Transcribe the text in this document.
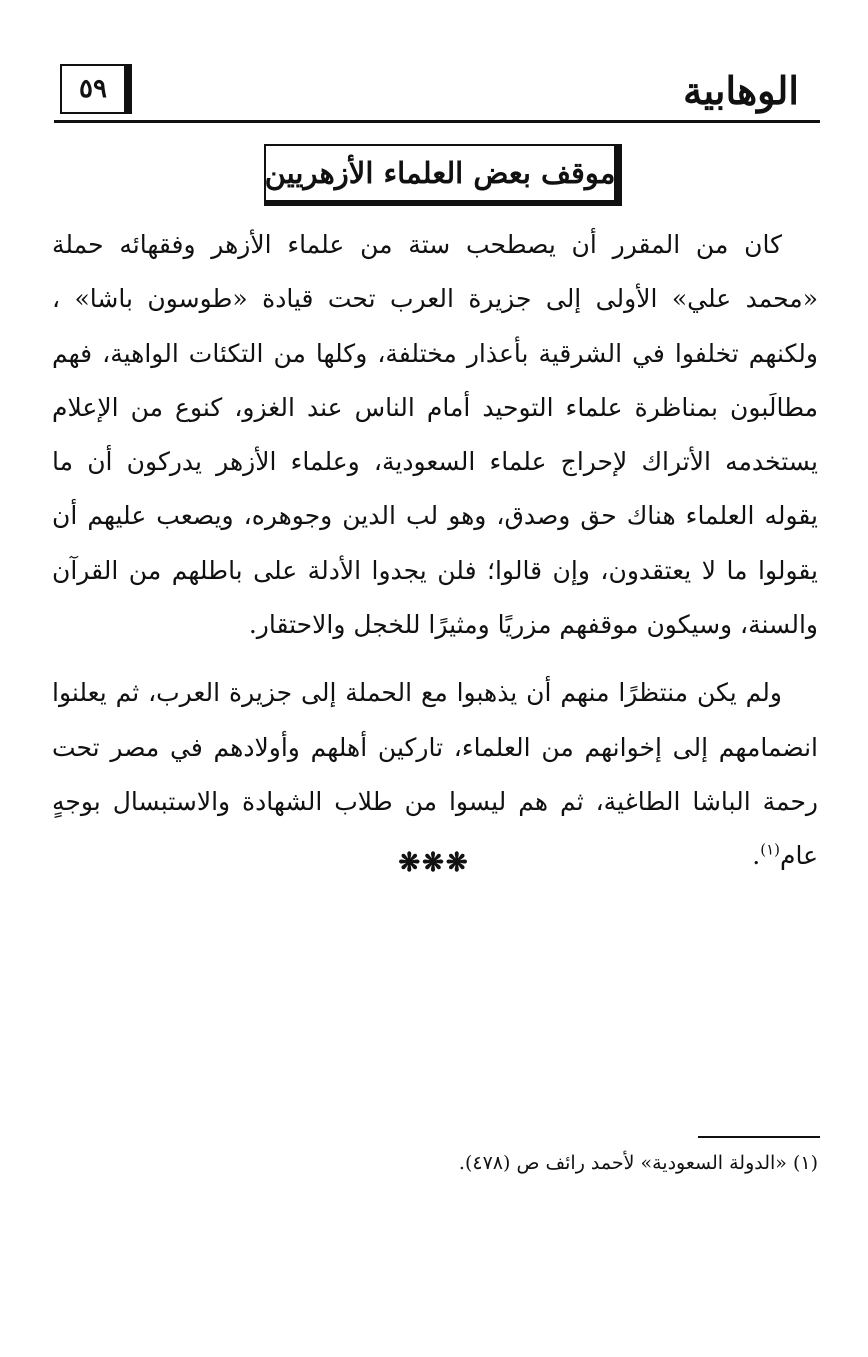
٥٩	الوهابية
موقف بعض العلماء الأزهريين

كان من المقرر أن يصطحب ستة من علماء الأزهر وفقهائه حملة «محمد علي» الأولى إلى جزيرة العرب تحت قيادة «طوسون باشا» ، ولكنهم تخلفوا في الشرقية بأعذار مختلفة، وكلها من التكئات الواهية، فهم مطالَبون بمناظرة علماء التوحيد أمام الناس عند الغزو، كنوع من الإعلام يستخدمه الأتراك لإحراج علماء السعودية، وعلماء الأزهر يدركون أن ما يقوله العلماء هناك حق وصدق، وهو لب الدين وجوهره، ويصعب عليهم أن يقولوا ما لا يعتقدون، وإن قالوا؛ فلن يجدوا الأدلة على باطلهم من القرآن والسنة، وسيكون موقفهم مزريًا ومثيرًا للخجل والاحتقار.

ولم يكن منتظرًا منهم أن يذهبوا مع الحملة إلى جزيرة العرب، ثم يعلنوا انضمامهم إلى إخوانهم من العلماء، تاركين أهلهم وأولادهم في مصر تحت رحمة الباشا الطاغية، ثم هم ليسوا من طلاب الشهادة والاستبسال بوجهٍ عام$^{(١)}$.

❋❋❋
(١) «الدولة السعودية» لأحمد رائف ص (٤٧٨).
